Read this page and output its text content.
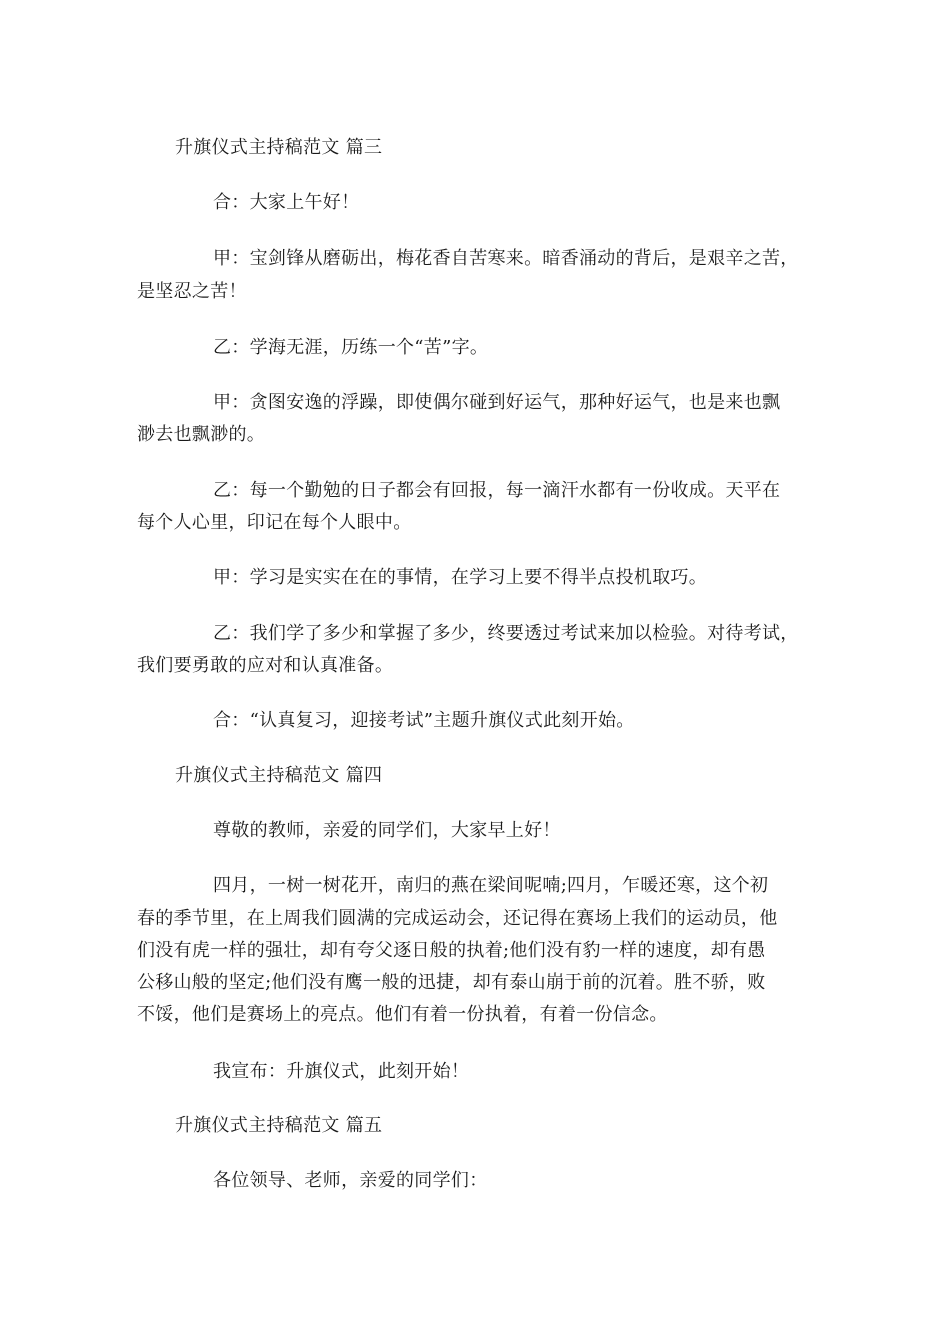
升旗仪式主持稿范文 篇三
合：大家上午好！
甲：宝剑锋从磨砺出，梅花香自苦寒来。暗香涌动的背后，是艰辛之苦，
是坚忍之苦！
乙：学海无涯，历练一个“苦”字。
甲：贪图安逸的浮躁，即使偶尔碰到好运气，那种好运气，也是来也飘
渺去也飘渺的。
乙：每一个勤勉的日子都会有回报，每一滴汗水都有一份收成。天平在
每个人心里，印记在每个人眼中。
甲：学习是实实在在的事情，在学习上要不得半点投机取巧。
乙：我们学了多少和掌握了多少，终要透过考试来加以检验。对待考试，
我们要勇敢的应对和认真准备。
合：“认真复习，迎接考试”主题升旗仪式此刻开始。
升旗仪式主持稿范文 篇四
尊敬的教师，亲爱的同学们，大家早上好！
四月，一树一树花开，南归的燕在梁间呢喃;四月，乍暖还寒，这个初
春的季节里，在上周我们圆满的完成运动会，还记得在赛场上我们的运动员，他
们没有虎一样的强壮，却有夸父逐日般的执着;他们没有豹一样的速度，却有愚
公移山般的坚定;他们没有鹰一般的迅捷，却有泰山崩于前的沉着。胜不骄，败
不馁，他们是赛场上的亮点。他们有着一份执着，有着一份信念。
我宣布：升旗仪式，此刻开始！
升旗仪式主持稿范文 篇五
各位领导、老师，亲爱的同学们：
